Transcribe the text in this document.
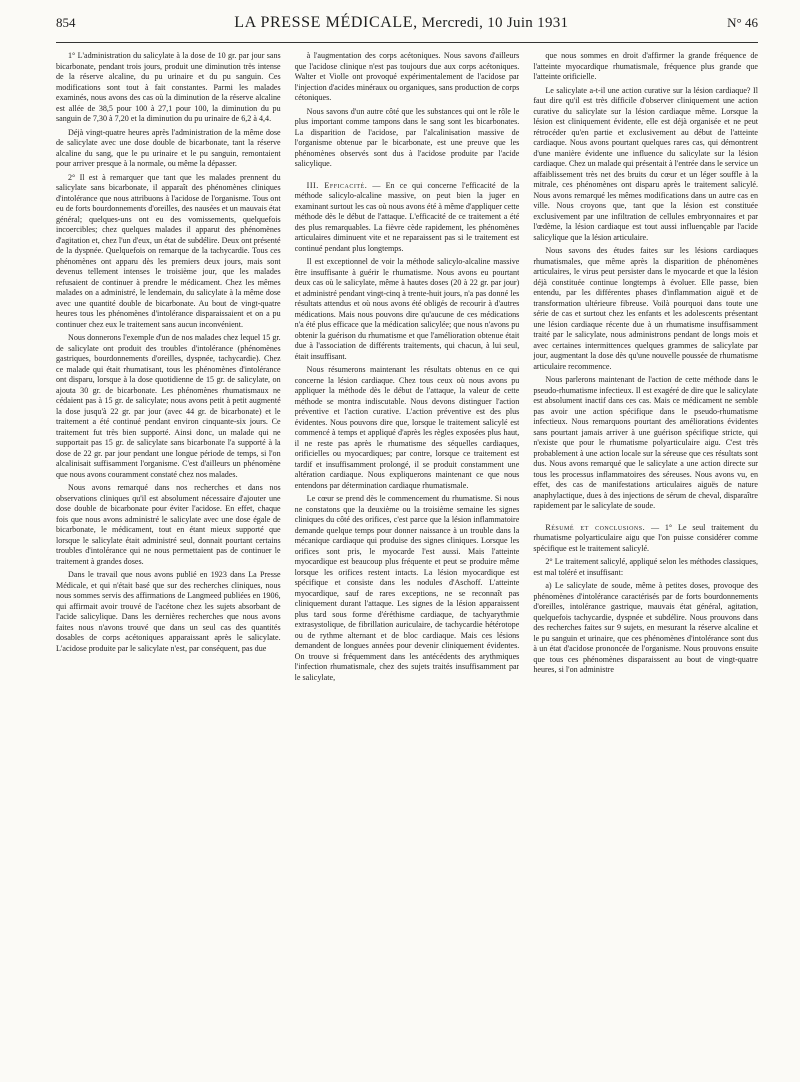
854	LA PRESSE MÉDICALE, Mercredi, 10 Juin 1931	N° 46

1° L'administration du salicylate à la dose de 10 gr. par jour sans bicarbonate, pendant trois jours, produit une diminution très intense de la réserve alcaline, du pu urinaire et du pu sanguin. Ces modifications sont tout à fait constantes. Parmi les malades examinés, nous avons des cas où la diminution de la réserve alcaline est allée de 38,5 pour 100 à 27,1 pour 100, la diminution du pu sanguin de 7,30 à 7,20 et la diminution du pu urinaire de 6,2 à 4,4.

Déjà vingt-quatre heures après l'administration de la même dose de salicylate avec une dose double de bicarbonate, tant la réserve alcaline du sang, que le pu urinaire et le pu sanguin, remontaient pour arriver presque à la normale, ou même la dépasser.

2° Il est à remarquer que tant que les malades prennent du salicylate sans bicarbonate, il apparaît des phénomènes cliniques d'intolérance que nous attribuons à l'acidose de l'organisme. Tous ont eu de forts bourdonnements d'oreilles, des nausées et un mauvais état général; quelques-uns ont eu des vomissements, quelquefois incoercibles; chez quelques malades il apparut des phénomènes d'agitation et, chez l'un d'eux, un état de subdélire. Deux ont présenté de la dyspnée. Quelquefois on remarque de la tachycardie. Tous ces phénomènes ont apparu dès les premiers deux jours, mais sont devenus tellement intenses le troisième jour, que les malades refusaient de continuer à prendre le médicament. Chez les mêmes malades on a administré, le lendemain, du salicylate à la même dose avec une quantité double de bicarbonate. Au bout de vingt-quatre heures tous les phénomènes d'intolérance disparaissaient et on a pu continuer chez eux le traitement sans aucun inconvénient.

Nous donnerons l'exemple d'un de nos malades chez lequel 15 gr. de salicylate ont produit des troubles d'intolérance (phénomènes gastriques, bourdonnements d'oreilles, dyspnée, tachycardie). Chez ce malade qui était rhumatisant, tous les phénomènes d'intolérance ont disparu, lorsque à la dose quotidienne de 15 gr. de salicylate, on ajouta 30 gr. de bicarbonate. Les phénomènes rhumatismaux ne cédaient pas à 15 gr. de salicylate; nous avons petit à petit augmenté la dose jusqu'à 22 gr. par jour (avec 44 gr. de bicarbonate) et le traitement a été continué pendant environ cinquante-six jours. Ce traitement fut très bien supporté. Ainsi donc, un malade qui ne supportait pas 15 gr. de salicylate sans bicarbonate l'a supporté à la dose de 22 gr. par jour pendant une longue période de temps, si l'on alcalinisait suffisamment l'organisme. C'est d'ailleurs un phénomène que nous avons couramment constaté chez nos malades.

Nous avons remarqué dans nos recherches et dans nos observations cliniques qu'il est absolument nécessaire d'ajouter une dose double de bicarbonate pour éviter l'acidose. En effet, chaque fois que nous avons administré le salicylate avec une dose égale de bicarbonate, le médicament, tout en étant mieux supporté que lorsque le salicylate était administré seul, donnait pourtant certains troubles d'intolérance qui ne nous permettaient pas de continuer le traitement à grandes doses.

Dans le travail que nous avons publié en 1923 dans La Presse Médicale, et qui n'était basé que sur des recherches cliniques, nous nous sommes servis des affirmations de Langmeed publiées en 1906, qui affirmait avoir trouvé de l'acétone chez les sujets absorbant de l'acide salicylique. Dans les dernières recherches que nous avons faites nous n'avons trouvé que dans un seul cas des quantités dosables de corps acétoniques apparaissant après le salicylate. L'acidose produite par le salicylate n'est, par conséquent, pas due

à l'augmentation des corps acétoniques. Nous savons d'ailleurs que l'acidose clinique n'est pas toujours due aux corps acétoniques. Walter et Violle ont provoqué expérimentalement de l'acidose par l'injection d'acides minéraux ou organiques, sans production de corps cétoniques.

Nous savons d'un autre côté que les substances qui ont le rôle le plus important comme tampons dans le sang sont les bicarbonates. La disparition de l'acidose, par l'alcalinisation massive de l'organisme obtenue par le bicarbonate, est une preuve que les phénomènes observés sont dus à l'acidose produite par l'acide salicylique.

III. Efficacité. — En ce qui concerne l'efficacité de la méthode salicylo-alcaline massive, on peut bien la juger en examinant surtout les cas où nous avons été à même d'appliquer cette méthode dès le début de l'attaque. L'efficacité de ce traitement a été des plus remarquables. La fièvre cède rapidement, les phénomènes articulaires diminuent vite et ne reparaissent pas si le traitement est continué pendant plus longtemps.

Il est exceptionnel de voir la méthode salicylo-alcaline massive être insuffisante à guérir le rhumatisme. Nous avons eu pourtant deux cas où le salicylate, même à hautes doses (20 à 22 gr. par jour) et administré pendant vingt-cinq à trente-huit jours, n'a pas donné les résultats attendus et où nous avons été obligés de recourir à d'autres médications. Mais nous pouvons dire qu'aucune de ces médications n'a été plus efficace que la médication salicylée; que nous n'avons pu obtenir la guérison du rhumatisme et que l'amélioration obtenue était due à l'association de différents traitements, qui chacun, à lui seul, était insuffisant.

Nous résumerons maintenant les résultats obtenus en ce qui concerne la lésion cardiaque. Chez tous ceux où nous avons pu appliquer la méthode dès le début de l'attaque, la valeur de cette méthode se montra indiscutable. Nous devons distinguer l'action préventive et l'action curative. L'action préventive est des plus évidentes. Nous pouvons dire que, lorsque le traitement salicylé est commencé à temps et appliqué d'après les règles exposées plus haut, il ne reste pas après le rhumatisme des séquelles cardiaques, orificielles ou myocardiques; par contre, lorsque ce traitement est tardif et insuffisamment prolongé, il se produit constamment une altération cardiaque. Nous expliquerons maintenant ce que nous entendons par détermination cardiaque rhumatismale.

Le cœur se prend dès le commencement du rhumatisme. Si nous ne constatons que la deuxième ou la troisième semaine les signes cliniques du côté des orifices, c'est parce que la lésion inflammatoire demande quelque temps pour donner naissance à un trouble dans la mécanique cardiaque qui produise des signes cliniques. Lorsque les orifices sont pris, le myocarde l'est aussi. Mais l'atteinte myocardique est beaucoup plus fréquente et peut se produire même lorsque les orifices restent intacts. La lésion myocardique est spécifique et consiste dans les nodules d'Aschoff. L'atteinte myocardique, sauf de rares exceptions, ne se reconnaît pas cliniquement durant l'attaque. Les signes de la lésion apparaissent plus tard sous forme d'éréthisme cardiaque, de tachyarythmie extrasystolique, de fibrillation auriculaire, de tachycardie hétérotope ou de rythme alternant et de bloc cardiaque. Mais ces lésions demandent de longues années pour devenir cliniquement évidentes. On trouve si fréquemment dans les antécédents des arythmiques l'infection rhumatismale, chez des sujets traités insuffisamment par le salicylate,

que nous sommes en droit d'affirmer la grande fréquence de l'atteinte myocardique rhumatismale, fréquence plus grande que l'atteinte orificielle.

Le salicylate a-t-il une action curative sur la lésion cardiaque? Il faut dire qu'il est très difficile d'observer cliniquement une action curative du salicylate sur la lésion cardiaque même. Lorsque la lésion est cliniquement évidente, elle est déjà organisée et ne peut rétrocéder qu'en partie et exclusivement au début de l'atteinte cardiaque. Nous avons pourtant quelques rares cas, qui démontrent d'une manière évidente une influence du salicylate sur la lésion cardiaque. Chez un malade qui présentait à l'entrée dans le service un affaiblissement très net des bruits du cœur et un léger souffle à la mitrale, ces phénomènes ont disparu après le traitement salicylé. Nous avons remarqué les mêmes modifications dans un autre cas en ville. Nous croyons que, tant que la lésion est constituée exclusivement par une infiltration de cellules embryonnaires et par l'œdème, la lésion cardiaque est tout aussi influençable par l'acide salicylique que la lésion articulaire.

Nous savons des études faites sur les lésions cardiaques rhumatismales, que même après la disparition de phénomènes articulaires, le virus peut persister dans le myocarde et que la lésion déjà constituée continue longtemps à évoluer. Elle passe, bien entendu, par les différentes phases d'inflammation aiguë et de transformation ultérieure fibreuse. Voilà pourquoi dans toute une série de cas et surtout chez les enfants et les adolescents présentant une lésion cardiaque récente due à un rhumatisme insuffisamment traité par le salicylate, nous administrons pendant de longs mois et avec certaines intermittences quelques grammes de salicylate par jour, augmentant la dose dès qu'une nouvelle poussée de rhumatisme articulaire recommence.

Nous parlerons maintenant de l'action de cette méthode dans le pseudo-rhumatisme infectieux. Il est exagéré de dire que le salicylate est absolument inactif dans ces cas. Mais ce médicament ne semble pas avoir une action spécifique dans le pseudo-rhumatisme infectieux. Nous remarquons pourtant des améliorations évidentes sans pourtant jamais arriver à une guérison spécifique stricte, qui n'existe que pour le rhumatisme polyarticulaire aigu. C'est très probablement à une action locale sur la séreuse que ces résultats sont dus. Nous avons remarqué que le salicylate a une action directe sur tous les processus inflammatoires des séreuses. Nous avons vu, en effet, des cas de manifestations articulaires aiguës de nature anaphylactique, dues à des injections de sérum de cheval, disparaître rapidement par le salicylate de soude.

Résumé et conclusions. — 1° Le seul traitement du rhumatisme polyarticulaire aigu que l'on puisse considérer comme spécifique est le traitement salicylé.

2° Le traitement salicylé, appliqué selon les méthodes classiques, est mal toléré et insuffisant:

a) Le salicylate de soude, même à petites doses, provoque des phénomènes d'intolérance caractérisés par de forts bourdonnements d'oreilles, intolérance gastrique, mauvais état général, agitation, quelquefois tachycardie, dyspnée et subdélire. Nous prouvons dans des recherches faites sur 9 sujets, en mesurant la réserve alcaline et le pu sanguin et urinaire, que ces phénomènes d'intolérance sont dus à un état d'acidose prononcée de l'organisme. Nous prouvons ensuite que tous ces phénomènes disparaissent au bout de vingt-quatre heures, si l'on administre
